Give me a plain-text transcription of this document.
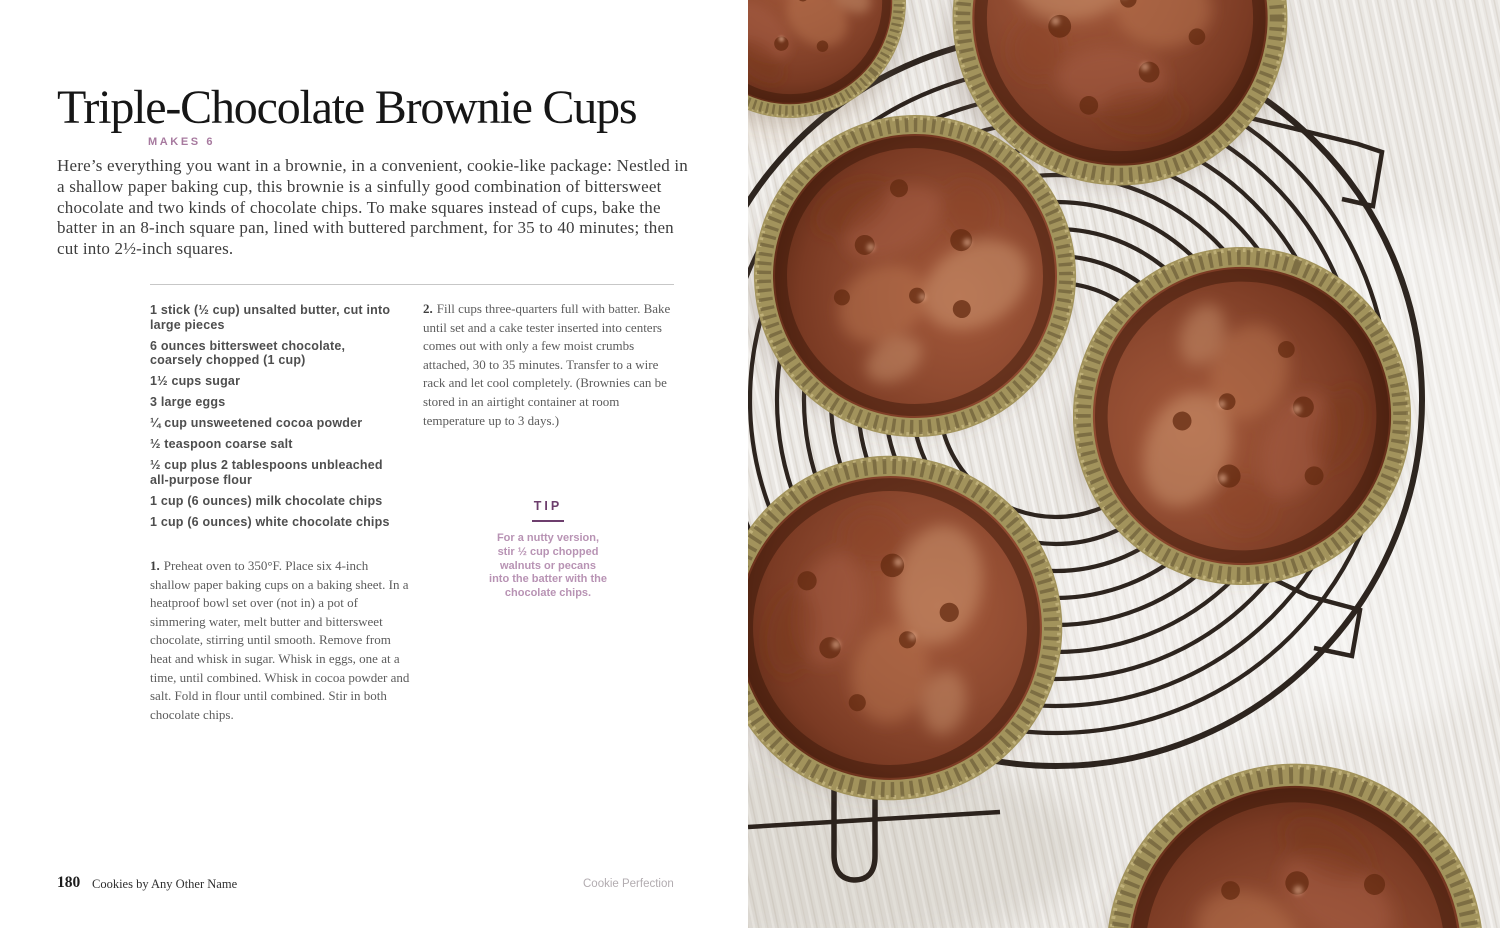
Triple-Chocolate Brownie Cups
MAKES 6
Here’s everything you want in a brownie, in a convenient, cookie-like package: Nestled in a shallow paper baking cup, this brownie is a sinfully good combination of bittersweet chocolate and two kinds of chocolate chips. To make squares instead of cups, bake the batter in an 8-inch square pan, lined with buttered parchment, for 35 to 40 minutes; then cut into 2½-inch squares.

1 stick (½ cup) unsalted butter, cut into large pieces

6 ounces bittersweet chocolate, coarsely chopped (1 cup)

1½ cups sugar

3 large eggs

¼ cup unsweetened cocoa powder

½ teaspoon coarse salt

½ cup plus 2 tablespoons unbleached all-purpose flour

1 cup (6 ounces) milk chocolate chips

1 cup (6 ounces) white chocolate chips

2. Fill cups three-quarters full with batter. Bake until set and a cake tester inserted into centers comes out with only a few moist crumbs attached, 30 to 35 minutes. Transfer to a wire rack and let cool completely. (Brownies can be stored in an airtight container at room temperature up to 3 days.)

TIP
For a nutty version, stir ½ cup chopped walnuts or pecans into the batter with the chocolate chips.

1. Preheat oven to 350°F. Place six 4-inch shallow paper baking cups on a baking sheet. In a heatproof bowl set over (not in) a pot of simmering water, melt butter and bittersweet chocolate, stirring until smooth. Remove from heat and whisk in sugar. Whisk in eggs, one at a time, until combined. Whisk in cocoa powder and salt. Fold in flour until combined. Stir in both chocolate chips.

180 Cookies by Any Other Name	Cookie Perfection
